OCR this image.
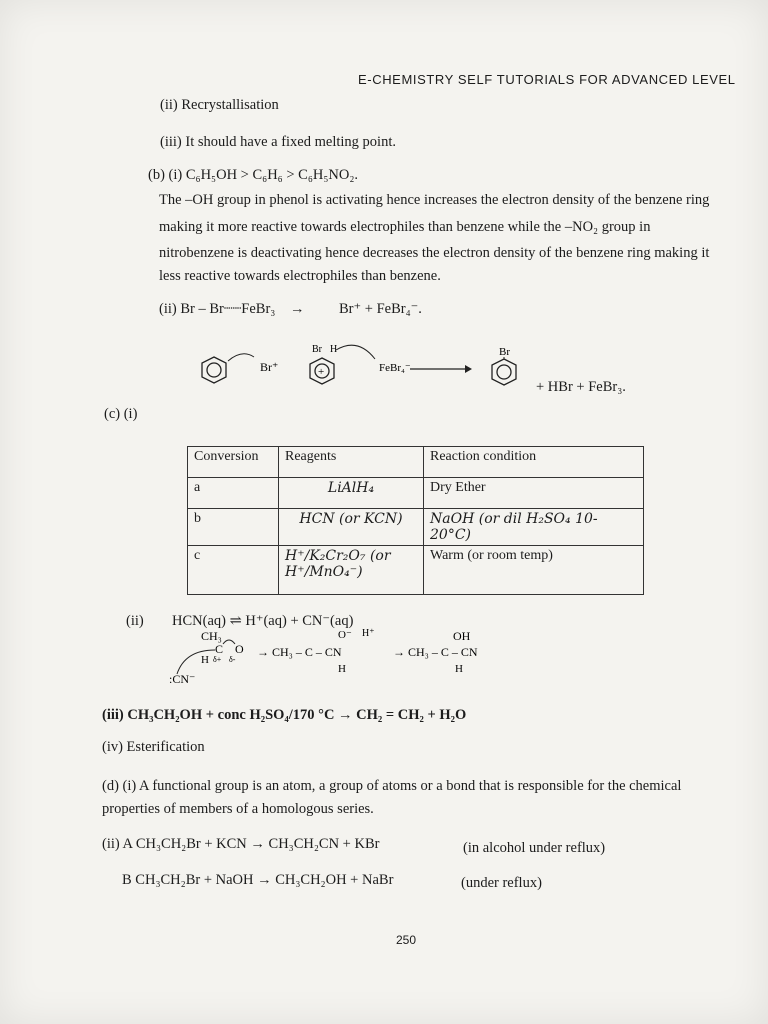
E-CHEMISTRY SELF TUTORIALS FOR ADVANCED LEVEL
(ii) Recrystallisation
(iii) It should have a fixed melting point.
(b) (i) C₆H₅OH > C₆H₆ > C₆H₅NO₂.
The –OH group in phenol is activating hence increases the electron density of the benzene ring
making it more reactive towards electrophiles than benzene while the –NO₂ group in
nitrobenzene is deactivating hence decreases the electron density of the benzene ring making it
less reactive towards electrophiles than benzene.
(ii) Br – Br┈┈FeBr₃ → Br⁺ + FeBr₄⁻.
Br⁺	+
Br H
FeBr₄⁻
Br
+ HBr + FeBr₃.
(c) (i)
Conversion	Reagents	Reaction condition
a	LiAlH₄	Dry Ether
b	HCN (or KCN)	NaOH (or dil H₂SO₄ 10-20°C)
c	H⁺/K₂Cr₂O₇ (or H⁺/MnO₄⁻)	Warm (or room temp)
(ii) HCN(aq) ⇌ H⁺(aq) + CN⁻(aq)
CH₃
C O
H δ+ δ-
:CN⁻
O⁻ H⁺
→ CH₃ – C – CN
H
OH
→ CH₃ – C – CN
H
(iii) CH₃CH₂OH + conc H₂SO₄/170 °C → CH₂ = CH₂ + H₂O
(iv) Esterification
(d) (i) A functional group is an atom, a group of atoms or a bond that is responsible for the chemical
properties of members of a homologous series.
(ii) A CH₃CH₂Br + KCN → CH₃CH₂CN + KBr	(in alcohol under reflux)
B CH₃CH₂Br + NaOH → CH₃CH₂OH + NaBr	(under reflux)
250
